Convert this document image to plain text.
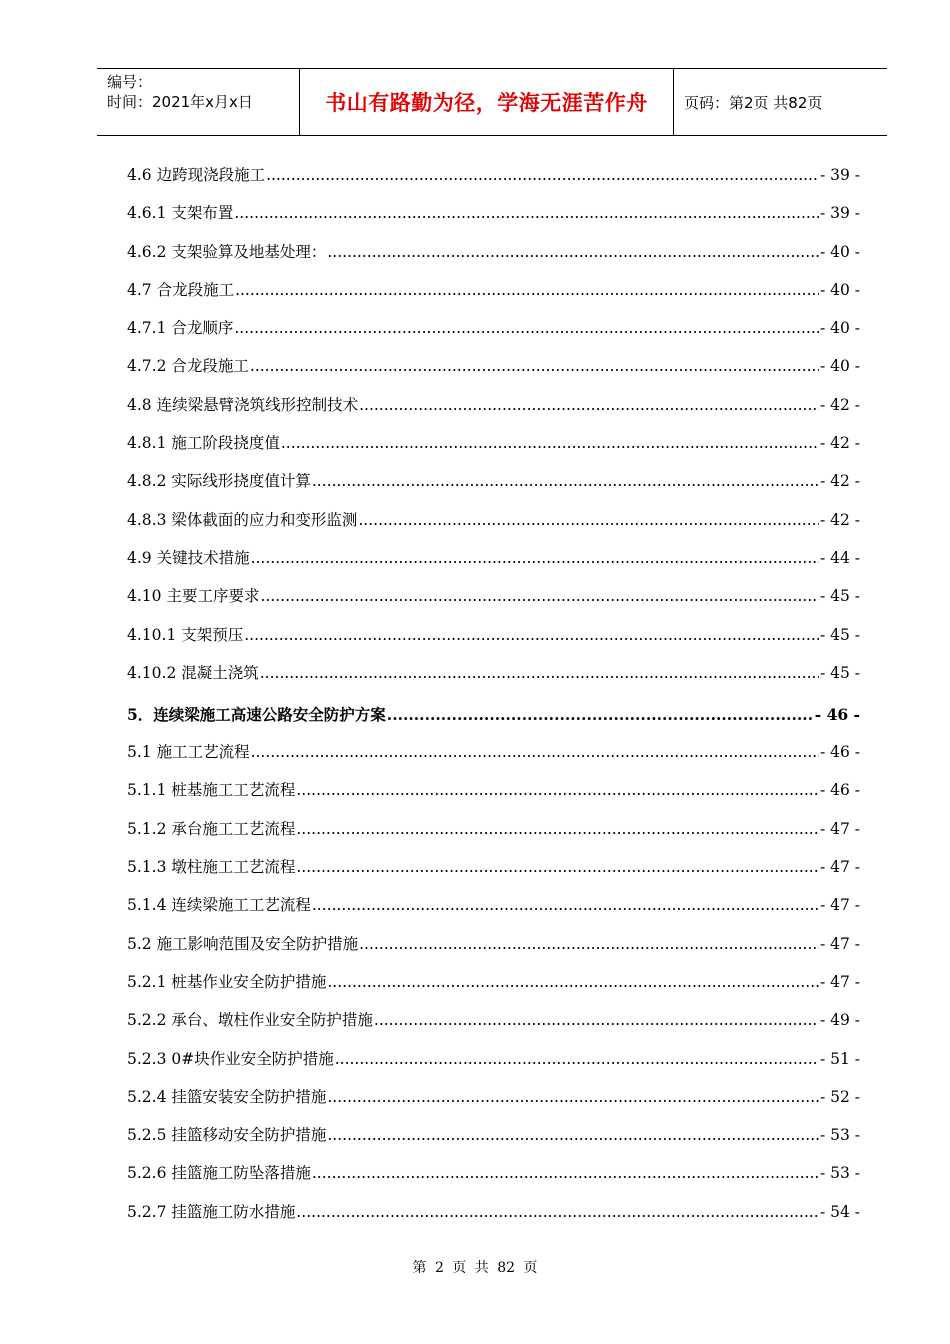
编号：
时间：2021年x月x日	书山有路勤为径，学海无涯苦作舟 页码：第2页 共82页
4.6 边跨现浇段施工 .....	- 39 -
4.6.1 支架布置 .....	- 39 -
4.6.2 支架验算及地基处理： .....	- 40 -
4.7 合龙段施工 .....	- 40 -
4.7.1 合龙顺序 .....	- 40 -
4.7.2 合龙段施工 .....	- 40 -
4.8 连续梁悬臂浇筑线形控制技术 .....	- 42 -
4.8.1 施工阶段挠度值 .....	- 42 -
4.8.2 实际线形挠度值计算 .....	- 42 -
4.8.3 梁体截面的应力和变形监测 .....	- 42 -
4.9 关键技术措施 .....	- 44 -
4.10 主要工序要求 .....	- 45 -
4.10.1 支架预压 .....	- 45 -
4.10.2 混凝土浇筑 .....	- 45 -
5．连续梁施工高速公路安全防护方案 .....	- 46 -
5.1 施工工艺流程 .....	- 46 -
5.1.1 桩基施工工艺流程 .....	- 46 -
5.1.2 承台施工工艺流程 .....	- 47 -
5.1.3 墩柱施工工艺流程 .....	- 47 -
5.1.4 连续梁施工工艺流程 .....	- 47 -
5.2 施工影响范围及安全防护措施 .....	- 47 -
5.2.1 桩基作业安全防护措施 .....	- 47 -
5.2.2 承台、墩柱作业安全防护措施 .....	- 49 -
5.2.3 0#块作业安全防护措施 .....	- 51 -
5.2.4 挂篮安装安全防护措施 .....	- 52 -
5.2.5 挂篮移动安全防护措施 .....	- 53 -
5.2.6 挂篮施工防坠落措施 .....	- 53 -
5.2.7 挂篮施工防水措施 .....	- 54 -
第 2 页 共 82 页
